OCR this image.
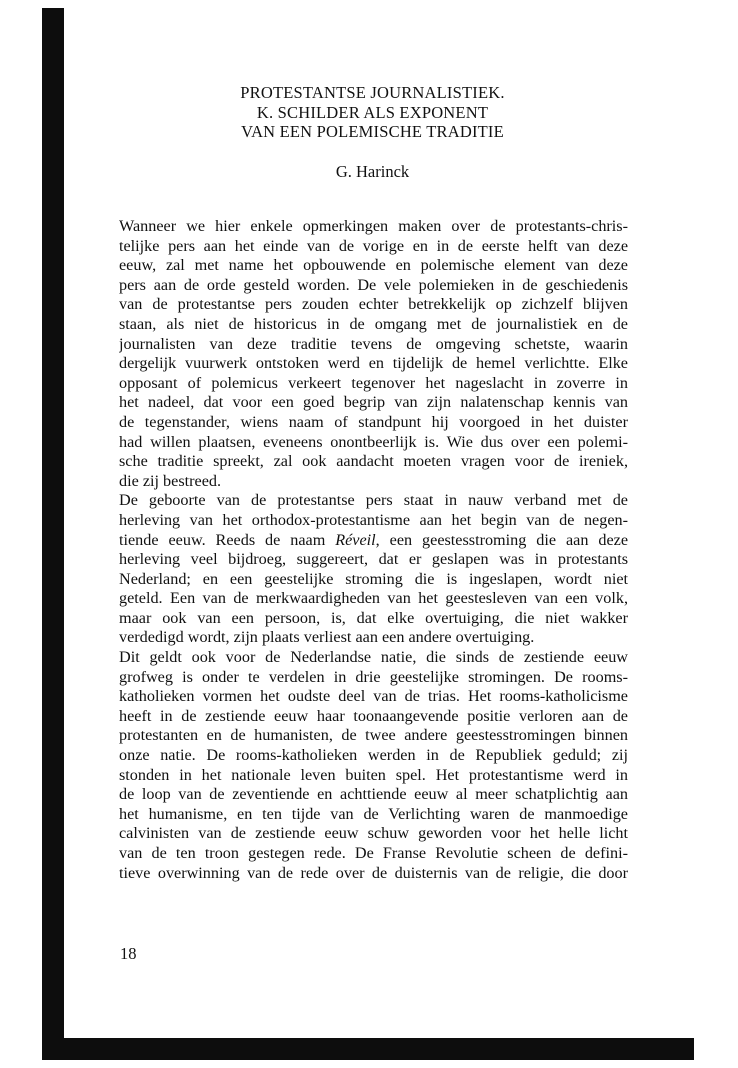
PROTESTANTSE JOURNALISTIEK.
K. SCHILDER ALS EXPONENT
VAN EEN POLEMISCHE TRADITIE
G. Harinck
Wanneer we hier enkele opmerkingen maken over de protestants-chris-
telijke pers aan het einde van de vorige en in de eerste helft van deze
eeuw, zal met name het opbouwende en polemische element van deze
pers aan de orde gesteld worden. De vele polemieken in de geschiedenis
van de protestantse pers zouden echter betrekkelijk op zichzelf blijven
staan, als niet de historicus in de omgang met de journalistiek en de
journalisten van deze traditie tevens de omgeving schetste, waarin
dergelijk vuurwerk ontstoken werd en tijdelijk de hemel verlichtte. Elke
opposant of polemicus verkeert tegenover het nageslacht in zoverre in
het nadeel, dat voor een goed begrip van zijn nalatenschap kennis van
de tegenstander, wiens naam of standpunt hij voorgoed in het duister
had willen plaatsen, eveneens onontbeerlijk is. Wie dus over een polemi-
sche traditie spreekt, zal ook aandacht moeten vragen voor de ireniek,
die zij bestreed.
De geboorte van de protestantse pers staat in nauw verband met de
herleving van het orthodox-protestantisme aan het begin van de negen-
tiende eeuw. Reeds de naam Réveil, een geestesstroming die aan deze
herleving veel bijdroeg, suggereert, dat er geslapen was in protestants
Nederland; en een geestelijke stroming die is ingeslapen, wordt niet
geteld. Een van de merkwaardigheden van het geestesleven van een volk,
maar ook van een persoon, is, dat elke overtuiging, die niet wakker
verdedigd wordt, zijn plaats verliest aan een andere overtuiging.
Dit geldt ook voor de Nederlandse natie, die sinds de zestiende eeuw
grofweg is onder te verdelen in drie geestelijke stromingen. De rooms-
katholieken vormen het oudste deel van de trias. Het rooms-katholicisme
heeft in de zestiende eeuw haar toonaangevende positie verloren aan de
protestanten en de humanisten, de twee andere geestesstromingen binnen
onze natie. De rooms-katholieken werden in de Republiek geduld; zij
stonden in het nationale leven buiten spel. Het protestantisme werd in
de loop van de zeventiende en achttiende eeuw al meer schatplichtig aan
het humanisme, en ten tijde van de Verlichting waren de manmoedige
calvinisten van de zestiende eeuw schuw geworden voor het helle licht
van de ten troon gestegen rede. De Franse Revolutie scheen de defini-
tieve overwinning van de rede over de duisternis van de religie, die door
18
